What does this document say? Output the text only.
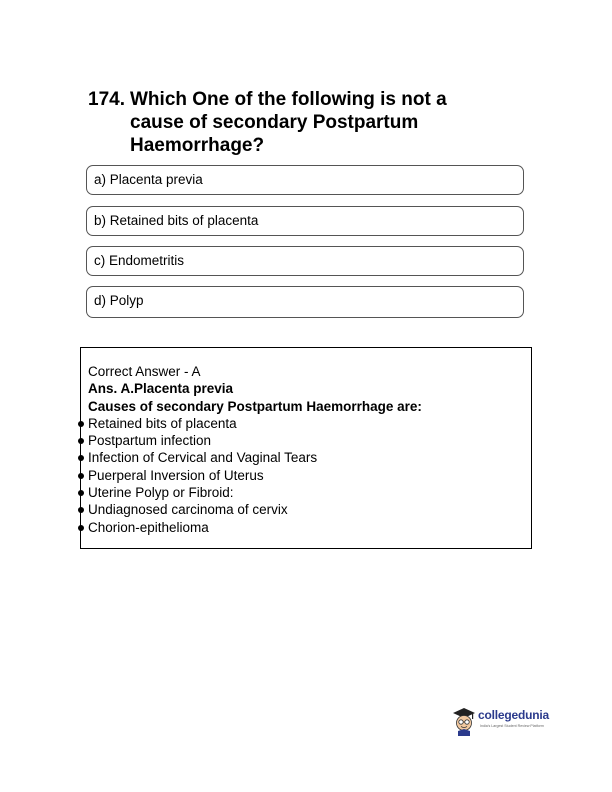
174. Which One of the following is not a cause of secondary Postpartum Haemorrhage?
a) Placenta previa
b) Retained bits of placenta
c) Endometritis
d) Polyp
Correct Answer - A
Ans. A.Placenta previa
Causes of secondary Postpartum Haemorrhage are:
Retained bits of placenta
Postpartum infection
Infection of Cervical and Vaginal Tears
Puerperal Inversion of Uterus
Uterine Polyp or Fibroid:
Undiagnosed carcinoma of cervix
Chorion-epithelioma
collegedunia
India's Largest Student Review Platform
